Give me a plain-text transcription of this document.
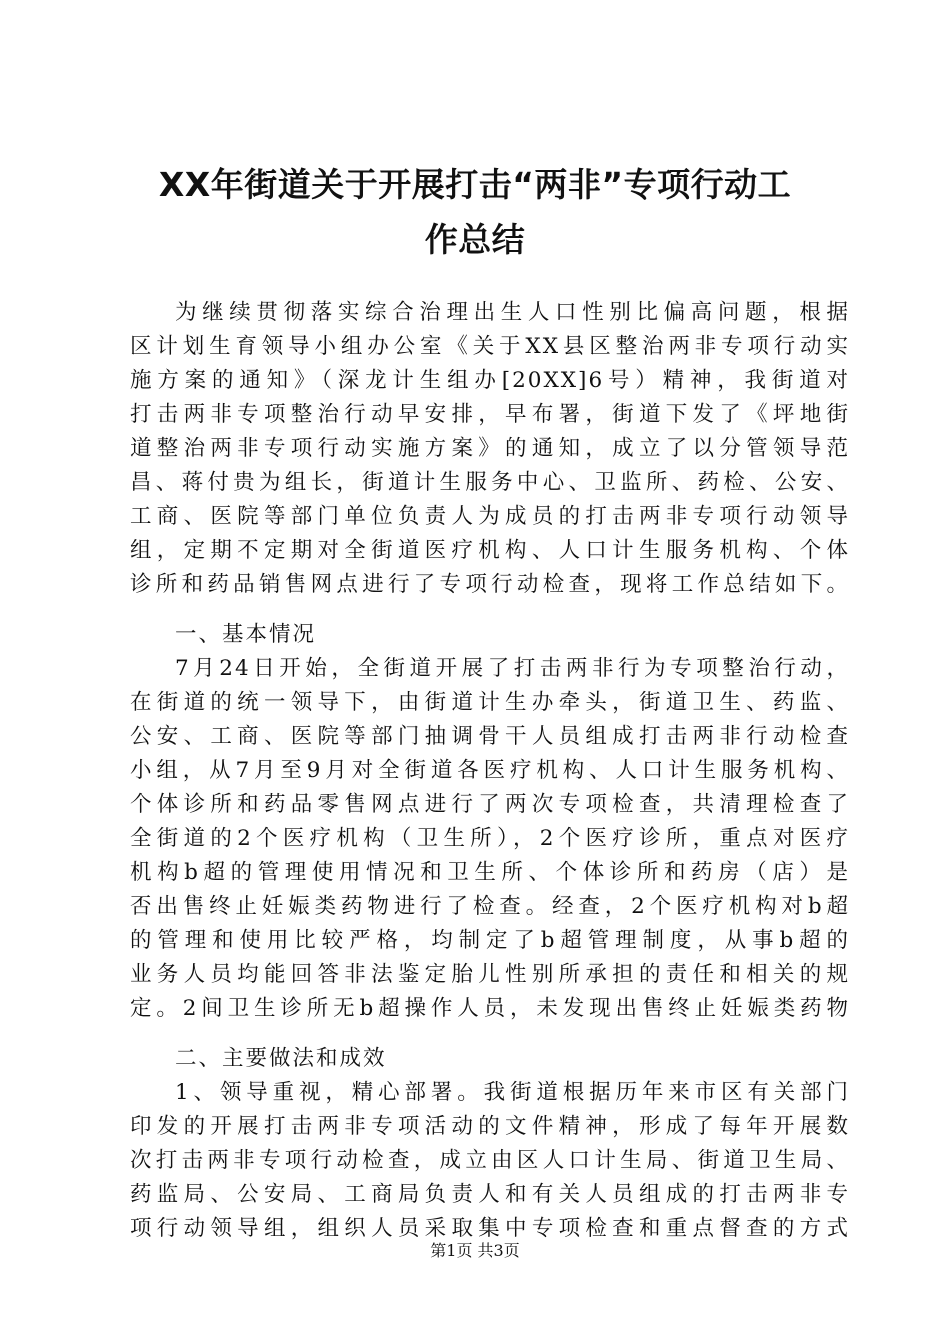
XX年街道关于开展打击“两非”专项行动工
作总结
为继续贯彻落实综合治理出生人口性别比偏高问题，根据
区计划生育领导小组办公室《关于XX县区整治两非专项行动实
施方案的通知》（深龙计生组办[20XX]6号）精神，我街道对
打击两非专项整治行动早安排，早布署，街道下发了《坪地街
道整治两非专项行动实施方案》的通知，成立了以分管领导范
昌、蒋付贵为组长，街道计生服务中心、卫监所、药检、公安、
工商、医院等部门单位负责人为成员的打击两非专项行动领导
组，定期不定期对全街道医疗机构、人口计生服务机构、个体
诊所和药品销售网点进行了专项行动检查，现将工作总结如下。
一、基本情况
7月24日开始，全街道开展了打击两非行为专项整治行动，
在街道的统一领导下，由街道计生办牵头，街道卫生、药监、
公安、工商、医院等部门抽调骨干人员组成打击两非行动检查
小组，从7月至9月对全街道各医疗机构、人口计生服务机构、
个体诊所和药品零售网点进行了两次专项检查，共清理检查了
全街道的2个医疗机构（卫生所），2个医疗诊所，重点对医疗
机构b超的管理使用情况和卫生所、个体诊所和药房（店）是
否出售终止妊娠类药物进行了检查。经查，2个医疗机构对b超
的管理和使用比较严格，均制定了b超管理制度，从事b超的
业务人员均能回答非法鉴定胎儿性别所承担的责任和相关的规
定。2间卫生诊所无b超操作人员，未发现出售终止妊娠类药物
二、主要做法和成效
1、领导重视，精心部署。我街道根据历年来市区有关部门
印发的开展打击两非专项活动的文件精神，形成了每年开展数
次打击两非专项行动检查，成立由区人口计生局、街道卫生局、
药监局、公安局、工商局负责人和有关人员组成的打击两非专
项行动领导组，组织人员采取集中专项检查和重点督查的方式
第1页 共3页
